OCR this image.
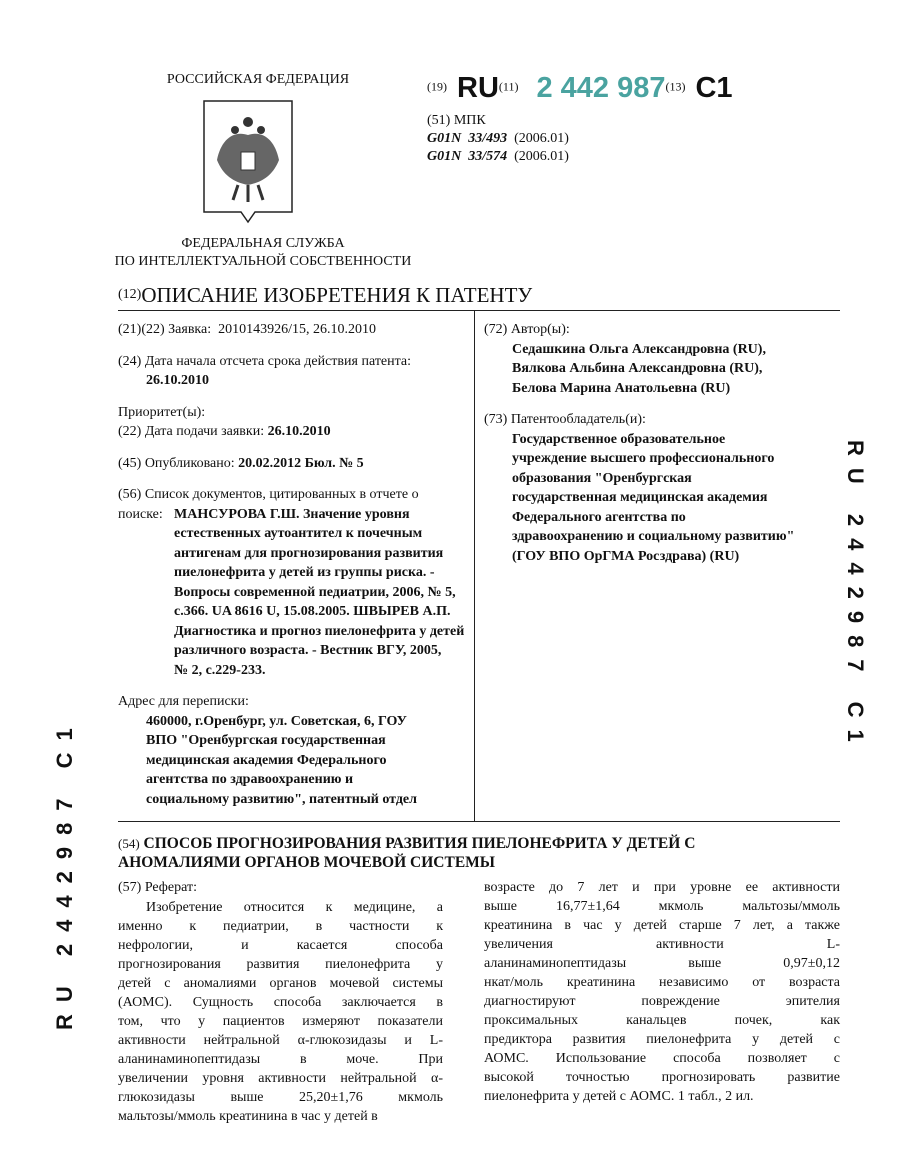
РОССИЙСКАЯ ФЕДЕРАЦИЯ
ФЕДЕРАЛЬНАЯ СЛУЖБА
ПО ИНТЕЛЛЕКТУАЛЬНОЙ СОБСТВЕННОСТИ
$^{(19)}$ RU$^{(11)}$ 2 442 987$^{(13)}$ C1
(51) МПК
G01N  33/493 (2006.01)
G01N  33/574 (2006.01)
(12)ОПИСАНИЕ ИЗОБРЕТЕНИЯ К ПАТЕНТУ
(21)(22) Заявка: 2010143926/15, 26.10.2010
(24) Дата начала отсчета срока действия патента:
26.10.2010
Приоритет(ы):
(22) Дата подачи заявки: 26.10.2010
(45) Опубликовано: 20.02.2012 Бюл. № 5
(56) Список документов, цитированных в отчете о
поиске: МАНСУРОВА Г.Ш. Значение уровня
естественных аутоантител к почечным
антигенам для прогнозирования развития
пиелонефрита у детей из группы риска. -
Вопросы современной педиатрии, 2006, № 5,
с.366. UA 8616 U, 15.08.2005. ШВЫРЕВ А.П.
Диагностика и прогноз пиелонефрита у детей
различного возраста. - Вестник ВГУ, 2005,
№ 2, с.229-233.
Адрес для переписки:
460000, г.Оренбург, ул. Советская, 6, ГОУ
ВПО "Оренбургская государственная
медицинская академия Федерального
агентства по здравоохранению и
социальному развитию", патентный отдел
(72) Автор(ы):
Седашкина Ольга Александровна (RU),
Вялкова Альбина Александровна (RU),
Белова Марина Анатольевна (RU)
(73) Патентообладатель(и):
Государственное образовательное
учреждение высшего профессионального
образования "Оренбургская
государственная медицинская академия
Федерального агентства по
здравоохранению и социальному развитию"
(ГОУ ВПО ОрГМА Росздрава) (RU)	RU 2442987 C1
RU 2442987 C1	(54) СПОСОБ ПРОГНОЗИРОВАНИЯ РАЗВИТИЯ ПИЕЛОНЕФРИТА У ДЕТЕЙ С
АНОМАЛИЯМИ ОРГАНОВ МОЧЕВОЙ СИСТЕМЫ
(57) Реферат:
Изобретение относится к медицине, а
именно к педиатрии, в частности к
нефрологии, и касается способа
прогнозирования развития пиелонефрита у
детей с аномалиями органов мочевой системы
(АОМС). Сущность способа заключается в
том, что у пациентов измеряют показатели
активности нейтральной α-глюкозидазы и L-
аланинаминопептидазы в моче. При
увеличении уровня активности нейтральной α-
глюкозидазы выше 25,20±1,76 мкмоль
мальтозы/ммоль креатинина в час у детей в
возрасте до 7 лет и при уровне ее активности
выше 16,77±1,64 мкмоль мальтозы/ммоль
креатинина в час у детей старше 7 лет, а также
увеличения активности L-
аланинаминопептидазы выше 0,97±0,12
нкат/моль креатинина независимо от возраста
диагностируют повреждение эпителия
проксимальных канальцев почек, как
предиктора развития пиелонефрита у детей с
АОМС. Использование способа позволяет с
высокой точностью прогнозировать развитие
пиелонефрита у детей с АОМС. 1 табл., 2 ил.
